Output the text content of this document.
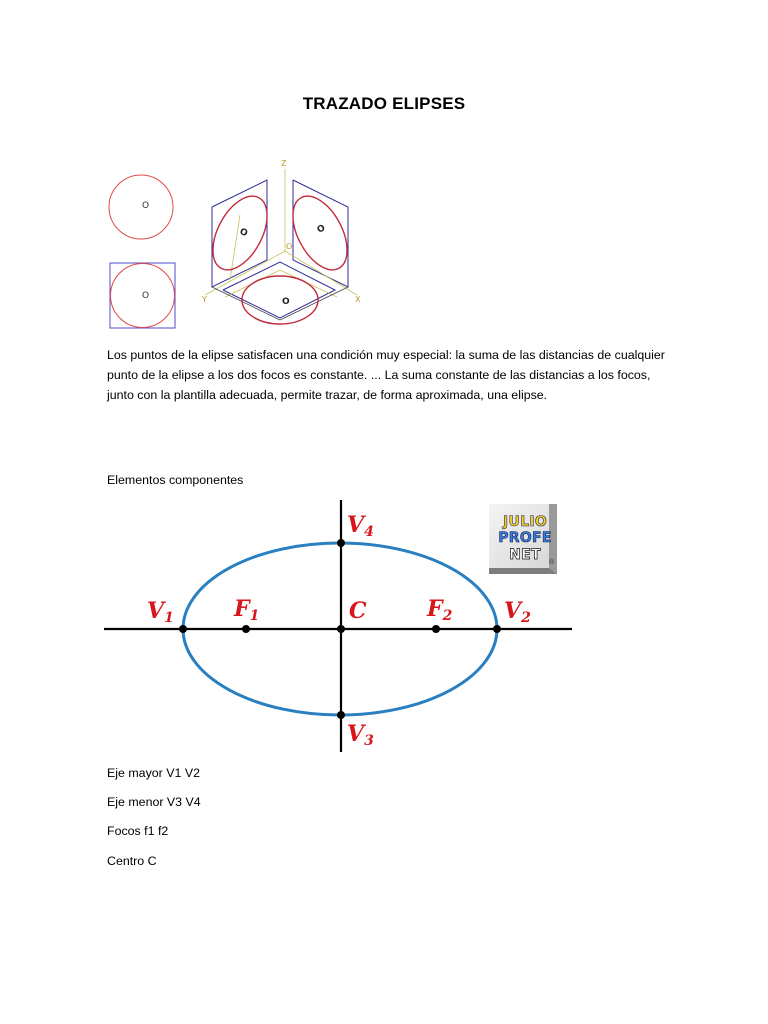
TRAZADO ELIPSES
O
O
O	O
O
Z
Y	X
O
Los puntos de la elipse satisfacen una condición muy especial: la suma de las distancias de cualquier punto de la elipse a los dos focos es constante. ... La suma constante de las distancias a los focos, junto con la plantilla adecuada, permite trazar, de forma aproximada, una elipse.
Elementos componentes
V1	F1	C	F2 V2
V4
V3
JULIO
PROFE
NET	®
Eje mayor V1 V2
Eje menor V3 V4
Focos f1 f2
Centro C
